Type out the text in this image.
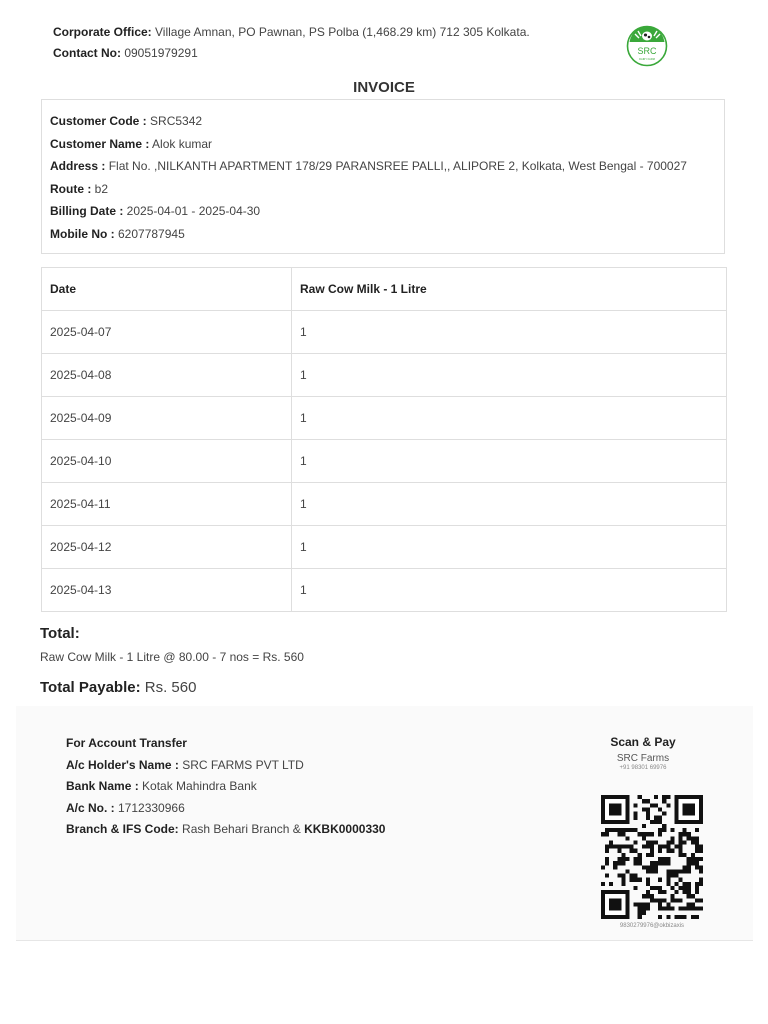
Corporate Office: Village Amnan, PO Pawnan, PS Polba (1,468.29 km) 712 305 Kolkata.
Contact No: 09051979291	SRC
DAIRY FARM
INVOICE
Customer Code : SRC5342
Customer Name : Alok kumar
Address : Flat No. ,NILKANTH APARTMENT 178/29 PARANSREE PALLI,, ALIPORE 2, Kolkata, West Bengal - 700027
Route : b2
Billing Date : 2025-04-01 - 2025-04-30
Mobile No : 6207787945
Date	Raw Cow Milk - 1 Litre
2025-04-07	1
2025-04-08	1
2025-04-09	1
2025-04-10	1
2025-04-11	1
2025-04-12	1
2025-04-13	1
Total:
Raw Cow Milk - 1 Litre @ 80.00 - 7 nos = Rs. 560
Total Payable: Rs. 560
For Account Transfer
A/c Holder's Name : SRC FARMS PVT LTD
Bank Name : Kotak Mahindra Bank
A/c No. : 1712330966
Branch & IFS Code: Rash Behari Branch & KKBK0000330
Scan & Pay
SRC Farms
+91 98301 69976
9830279976@okbizaxis
